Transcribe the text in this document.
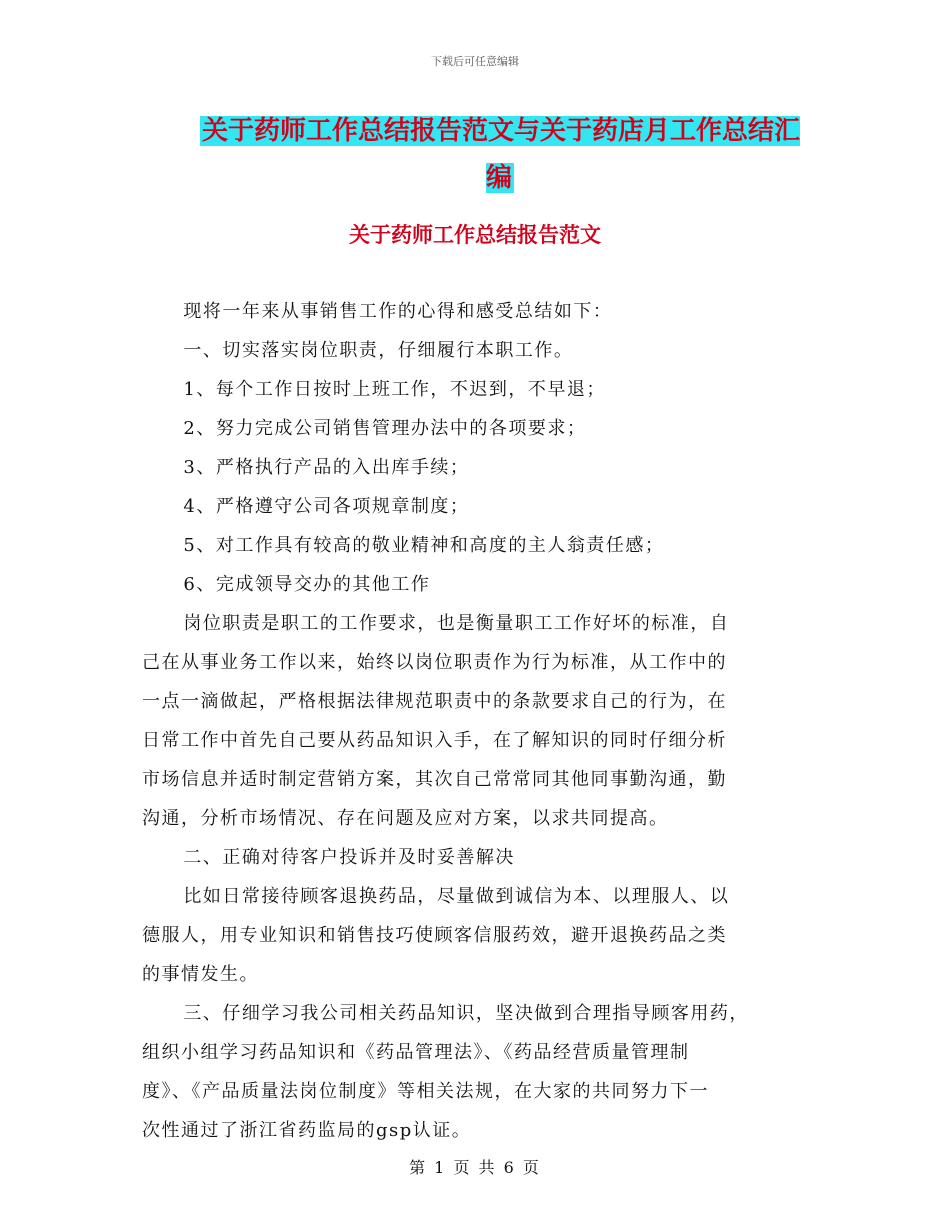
下载后可任意编辑
关于药师工作总结报告范文与关于药店月工作总结汇编
关于药师工作总结报告范文

现将一年来从事销售工作的心得和感受总结如下：

一、切实落实岗位职责，仔细履行本职工作。

1、每个工作日按时上班工作，不迟到，不早退；

2、努力完成公司销售管理办法中的各项要求；

3、严格执行产品的入出库手续；

4、严格遵守公司各项规章制度；

5、对工作具有较高的敬业精神和高度的主人翁责任感；

6、完成领导交办的其他工作

岗位职责是职工的工作要求，也是衡量职工工作好坏的标准，自

己在从事业务工作以来，始终以岗位职责作为行为标准，从工作中的

一点一滴做起，严格根据法律规范职责中的条款要求自己的行为，在

日常工作中首先自己要从药品知识入手，在了解知识的同时仔细分析

市场信息并适时制定营销方案，其次自己常常同其他同事勤沟通，勤

沟通，分析市场情况、存在问题及应对方案，以求共同提高。

二、正确对待客户投诉并及时妥善解决

比如日常接待顾客退换药品，尽量做到诚信为本、以理服人、以

德服人，用专业知识和销售技巧使顾客信服药效，避开退换药品之类

的事情发生。

三、仔细学习我公司相关药品知识，坚决做到合理指导顾客用药，

组织小组学习药品知识和《药品管理法》、《药品经营质量管理制

度》、《产品质量法岗位制度》等相关法规，在大家的共同努力下一

次性通过了浙江省药监局的gsp认证。

第 1 页 共 6 页
